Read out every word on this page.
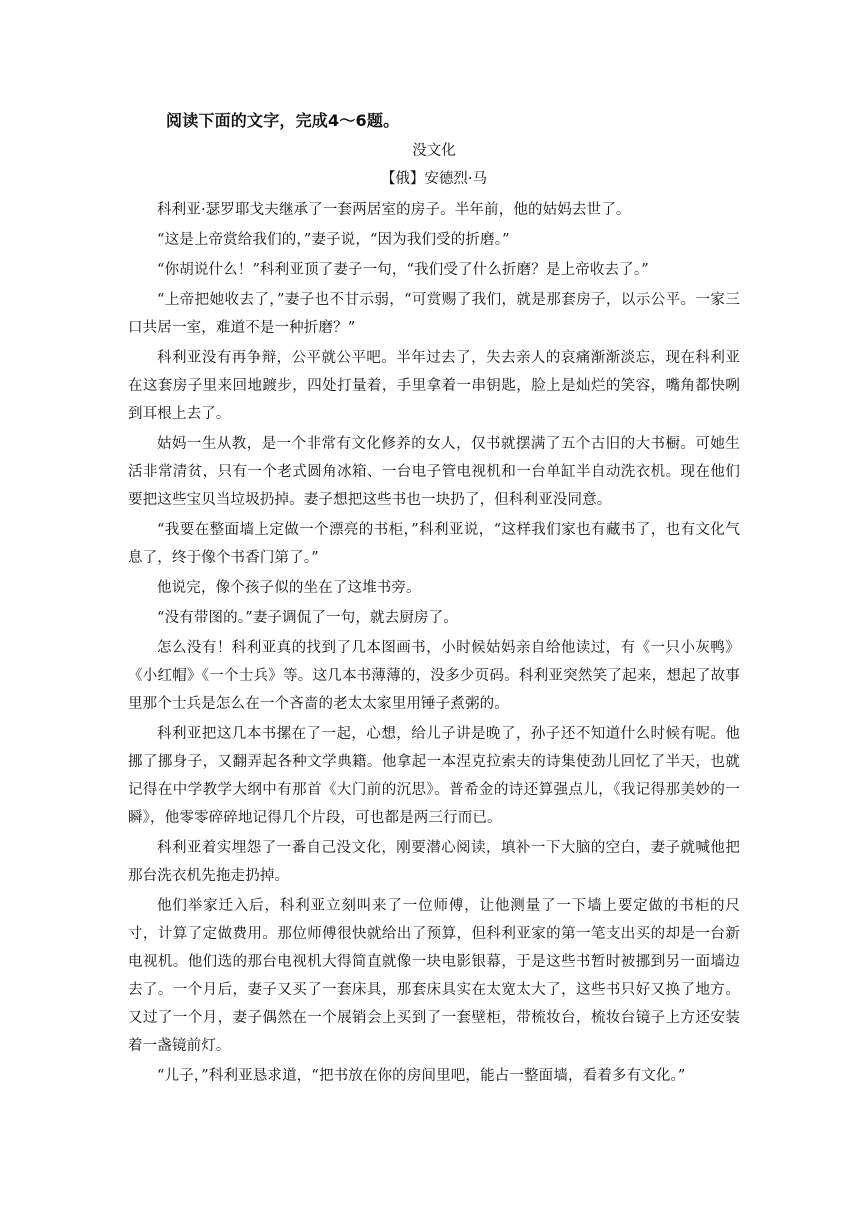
阅读下面的文字，完成4～6题。

没文化

【俄】安德烈·马

科利亚·瑟罗耶戈夫继承了一套两居室的房子。半年前，他的姑妈去世了。

“这是上帝赏给我们的，”妻子说，“因为我们受的折磨。”

“你胡说什么！”科利亚顶了妻子一句，“我们受了什么折磨？是上帝收去了。”

“上帝把她收去了，”妻子也不甘示弱，“可赏赐了我们，就是那套房子，以示公平。一家三口共居一室，难道不是一种折磨？”

科利亚没有再争辩，公平就公平吧。半年过去了，失去亲人的哀痛渐渐淡忘，现在科利亚在这套房子里来回地踱步，四处打量着，手里拿着一串钥匙，脸上是灿烂的笑容，嘴角都快咧到耳根上去了。

姑妈一生从教，是一个非常有文化修养的女人，仅书就摆满了五个古旧的大书橱。可她生活非常清贫，只有一个老式圆角冰箱、一台电子管电视机和一台单缸半自动洗衣机。现在他们要把这些宝贝当垃圾扔掉。妻子想把这些书也一块扔了，但科利亚没同意。

“我要在整面墙上定做一个漂亮的书柜，”科利亚说，“这样我们家也有藏书了，也有文化气息了，终于像个书香门第了。”

他说完，像个孩子似的坐在了这堆书旁。

“没有带图的。”妻子调侃了一句，就去厨房了。

怎么没有！科利亚真的找到了几本图画书，小时候姑妈亲自给他读过，有《一只小灰鸭》《小红帽》《一个士兵》等。这几本书薄薄的，没多少页码。科利亚突然笑了起来，想起了故事里那个士兵是怎么在一个吝啬的老太太家里用锤子煮粥的。

科利亚把这几本书摞在了一起，心想，给儿子讲是晚了，孙子还不知道什么时候有呢。他挪了挪身子，又翻弄起各种文学典籍。他拿起一本涅克拉索夫的诗集使劲儿回忆了半天，也就记得在中学教学大纲中有那首《大门前的沉思》。普希金的诗还算强点儿，《我记得那美妙的一瞬》，他零零碎碎地记得几个片段，可也都是两三行而已。

科利亚着实埋怨了一番自己没文化，刚要潜心阅读，填补一下大脑的空白，妻子就喊他把那台洗衣机先拖走扔掉。

他们举家迁入后，科利亚立刻叫来了一位师傅，让他测量了一下墙上要定做的书柜的尺寸，计算了定做费用。那位师傅很快就给出了预算，但科利亚家的第一笔支出买的却是一台新电视机。他们选的那台电视机大得简直就像一块电影银幕，于是这些书暂时被挪到另一面墙边去了。一个月后，妻子又买了一套床具，那套床具实在太宽太大了，这些书只好又换了地方。又过了一个月，妻子偶然在一个展销会上买到了一套壁柜，带梳妆台，梳妆台镜子上方还安装着一盏镜前灯。

“儿子，”科利亚恳求道，“把书放在你的房间里吧，能占一整面墙，看着多有文化。”
